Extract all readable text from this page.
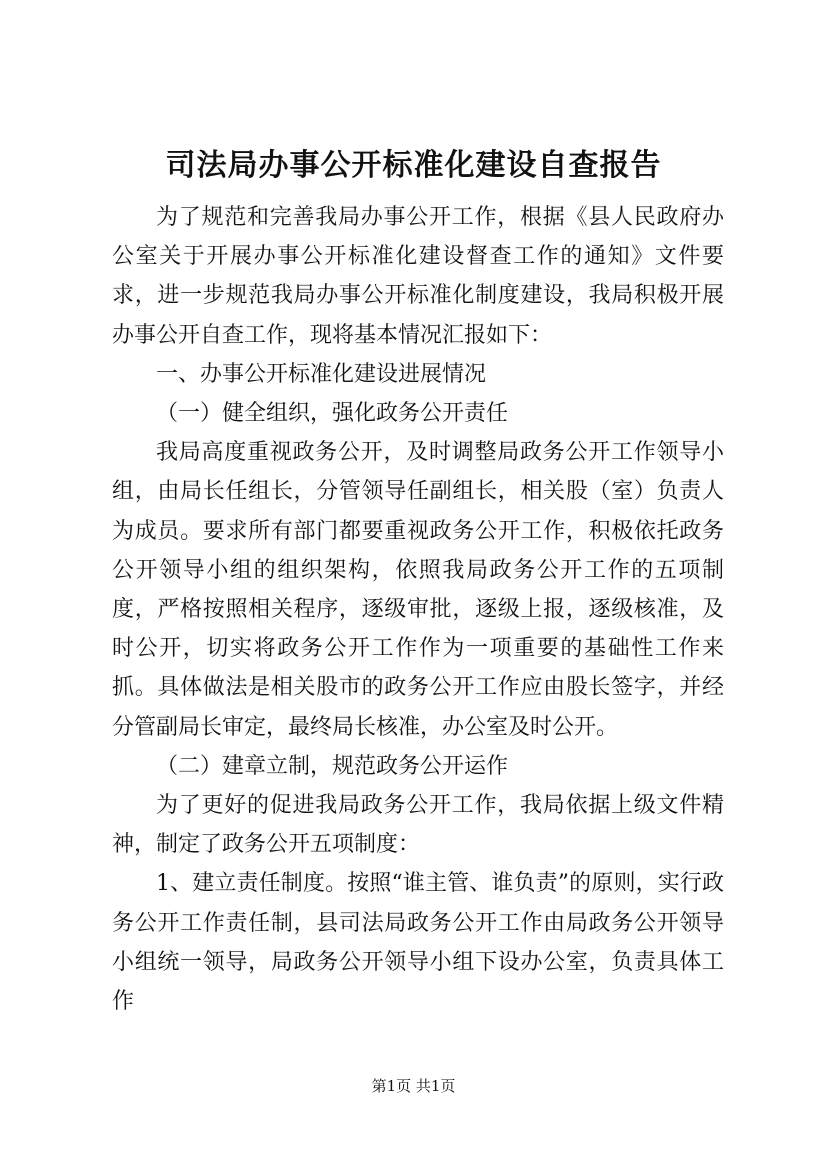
司法局办事公开标准化建设自查报告

为了规范和完善我局办事公开工作，根据《县人民政府办公室关于开展办事公开标准化建设督查工作的通知》文件要求，进一步规范我局办事公开标准化制度建设，我局积极开展办事公开自查工作，现将基本情况汇报如下：

一、办事公开标准化建设进展情况

（一）健全组织，强化政务公开责任

我局高度重视政务公开，及时调整局政务公开工作领导小组，由局长任组长，分管领导任副组长，相关股（室）负责人为成员。要求所有部门都要重视政务公开工作，积极依托政务公开领导小组的组织架构，依照我局政务公开工作的五项制度，严格按照相关程序，逐级审批，逐级上报，逐级核准，及时公开，切实将政务公开工作作为一项重要的基础性工作来抓。具体做法是相关股市的政务公开工作应由股长签字，并经分管副局长审定，最终局长核准，办公室及时公开。

（二）建章立制，规范政务公开运作

为了更好的促进我局政务公开工作，我局依据上级文件精神，制定了政务公开五项制度：

1、建立责任制度。按照“谁主管、谁负责”的原则，实行政务公开工作责任制，县司法局政务公开工作由局政务公开领导小组统一领导，局政务公开领导小组下设办公室，负责具体工作

第1页 共1页
